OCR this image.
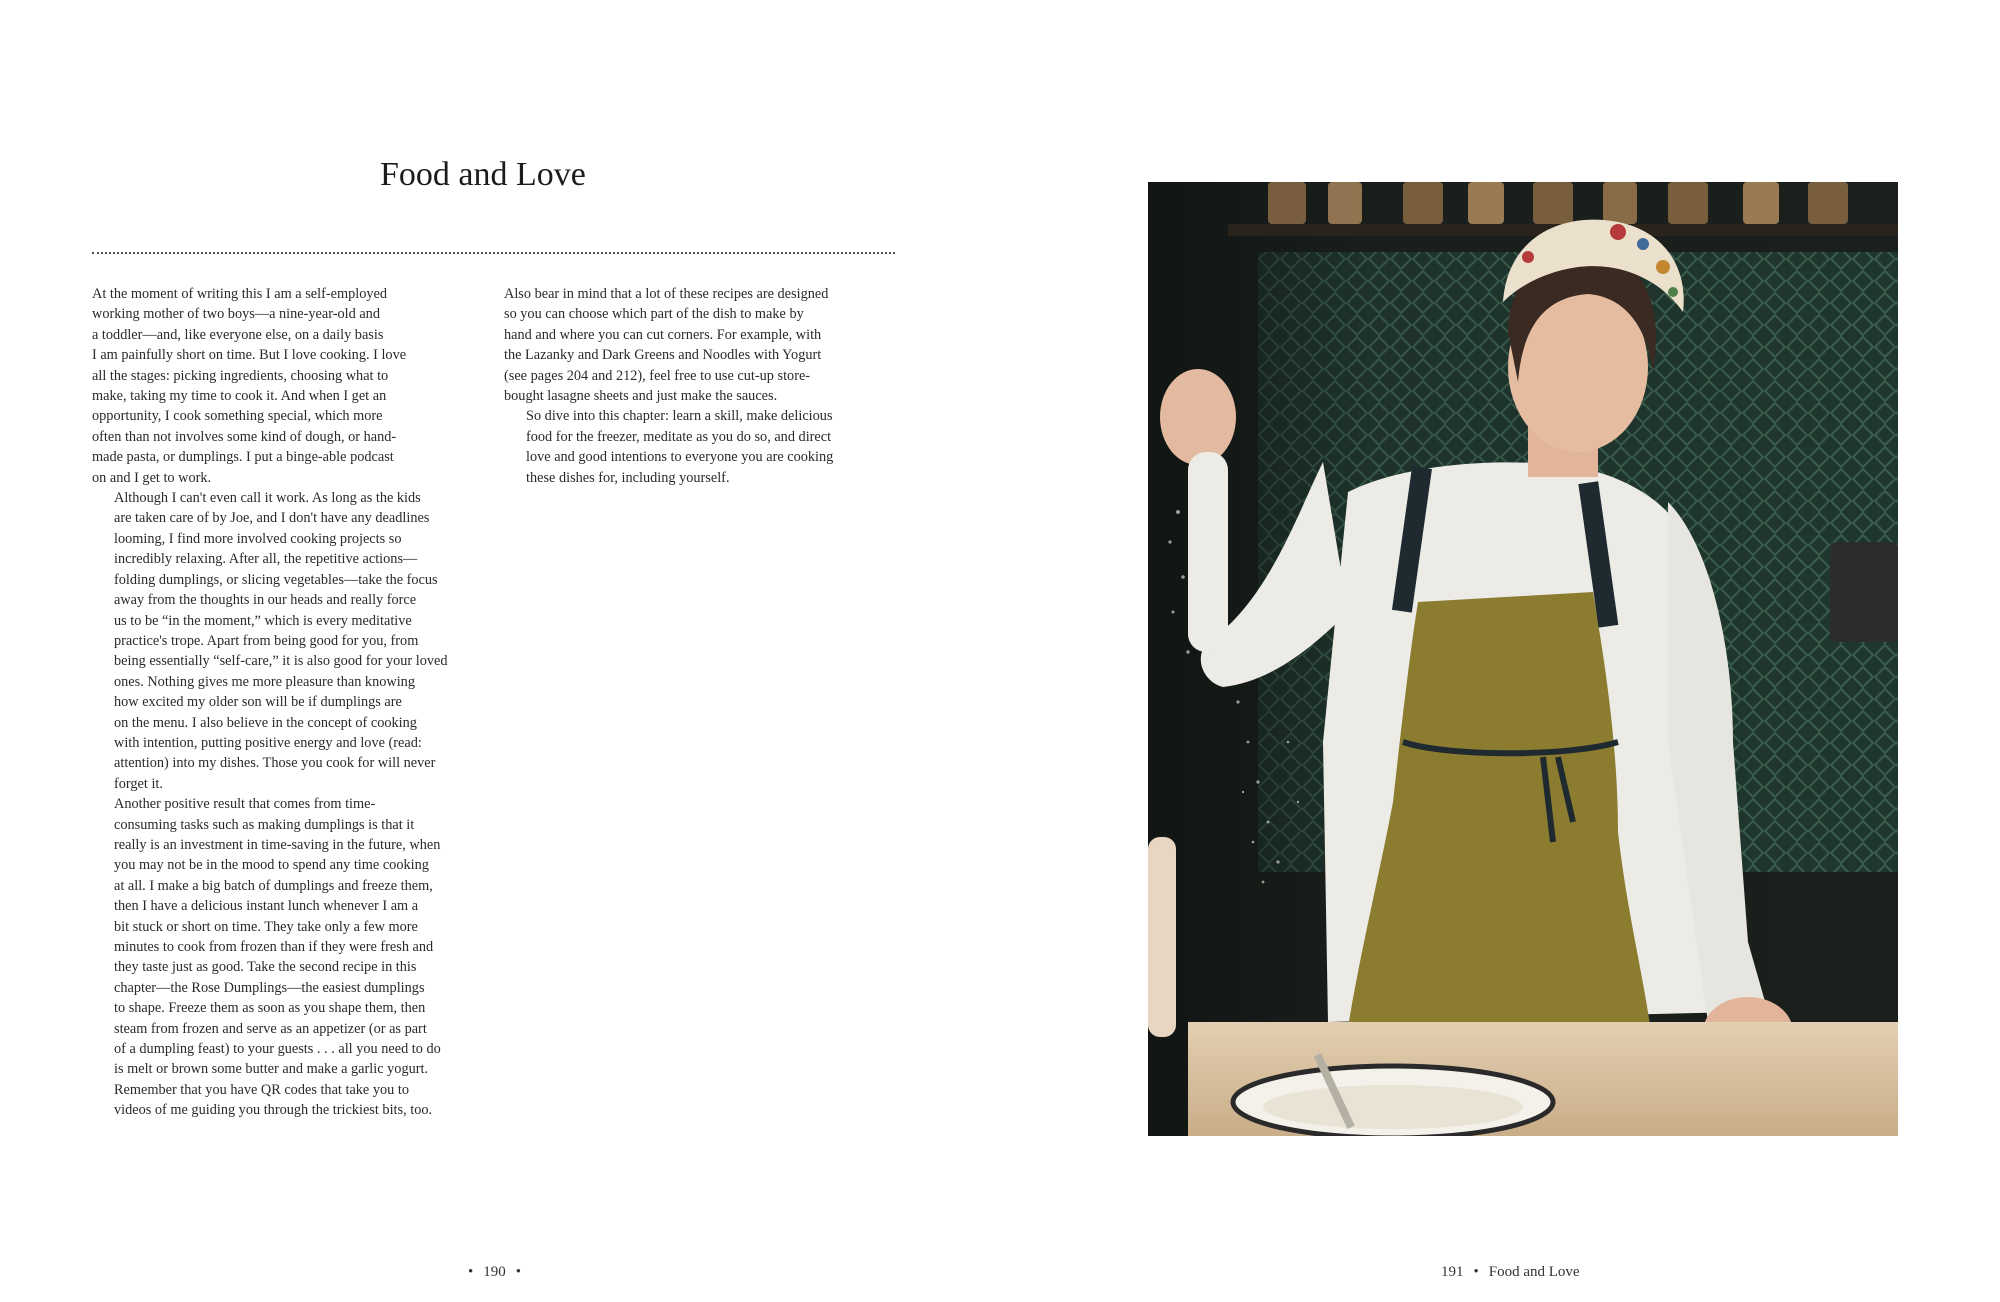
Food and Love

At the moment of writing this I am a self-employed
working mother of two boys—a nine-year-old and
a toddler—and, like everyone else, on a daily basis
I am painfully short on time. But I love cooking. I love
all the stages: picking ingredients, choosing what to
make, taking my time to cook it. And when I get an
opportunity, I cook something special, which more
often than not involves some kind of dough, or hand-
made pasta, or dumplings. I put a binge-able podcast
on and I get to work.

Although I can't even call it work. As long as the kids
are taken care of by Joe, and I don't have any deadlines
looming, I find more involved cooking projects so
incredibly relaxing. After all, the repetitive actions—
folding dumplings, or slicing vegetables—take the focus
away from the thoughts in our heads and really force
us to be “in the moment,” which is every meditative
practice's trope. Apart from being good for you, from
being essentially “self-care,” it is also good for your loved
ones. Nothing gives me more pleasure than knowing
how excited my older son will be if dumplings are
on the menu. I also believe in the concept of cooking
with intention, putting positive energy and love (read:
attention) into my dishes. Those you cook for will never
forget it.

Another positive result that comes from time-
consuming tasks such as making dumplings is that it
really is an investment in time-saving in the future, when
you may not be in the mood to spend any time cooking
at all. I make a big batch of dumplings and freeze them,
then I have a delicious instant lunch whenever I am a
bit stuck or short on time. They take only a few more
minutes to cook from frozen than if they were fresh and
they taste just as good. Take the second recipe in this
chapter—the Rose Dumplings—the easiest dumplings
to shape. Freeze them as soon as you shape them, then
steam from frozen and serve as an appetizer (or as part
of a dumpling feast) to your guests . . . all you need to do
is melt or brown some butter and make a garlic yogurt.
Remember that you have QR codes that take you to
videos of me guiding you through the trickiest bits, too.

Also bear in mind that a lot of these recipes are designed
so you can choose which part of the dish to make by
hand and where you can cut corners. For example, with
the Lazanky and Dark Greens and Noodles with Yogurt
(see pages 204 and 212), feel free to use cut-up store-
bought lasagne sheets and just make the sauces.

So dive into this chapter: learn a skill, make delicious
food for the freezer, meditate as you do so, and direct
love and good intentions to everyone you are cooking
these dishes for, including yourself.

• 190 •	191 • Food and Love
